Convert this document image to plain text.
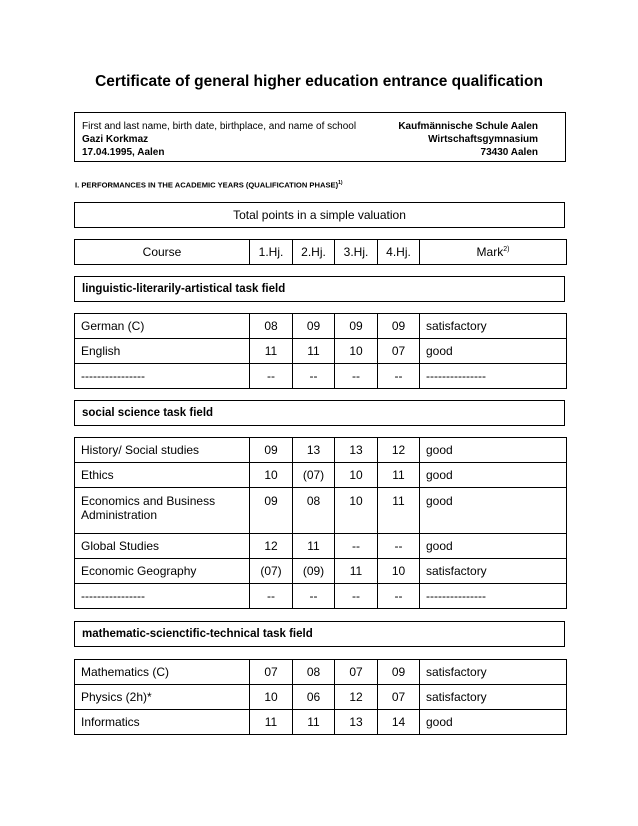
Certificate of general higher education entrance qualification
First and last name, birth date, birthplace, and name of school
Gazi Korkmaz
17.04.1995, Aalen
Kaufmännische Schule Aalen
Wirtschaftsgymnasium
73430 Aalen
I. PERFORMANCES IN THE ACADEMIC YEARS (QUALIFICATION PHASE)$^{1)}$
Total points in a simple valuation
Course	1.Hj.	2.Hj.	3.Hj.	4.Hj.	Mark$^{2)}$
linguistic-literarily-artistical task field
German (C)	08	09	09	09	satisfactory
English	11	11	10	07	good
----------------	--	--	--	--	---------------
social science task field
History/ Social studies	09	13	13	12	good
Ethics	10	(07)	10	11	good
Economics and Business Administration	09	08	10	11	good
Global Studies	12	11	--	--	good
Economic Geography	(07)	(09)	11	10	satisfactory
----------------	--	--	--	--	---------------
mathematic-scienctific-technical task field
Mathematics (C)	07	08	07	09	satisfactory
Physics (2h)*	10	06	12	07	satisfactory
Informatics	11	11	13	14	good
